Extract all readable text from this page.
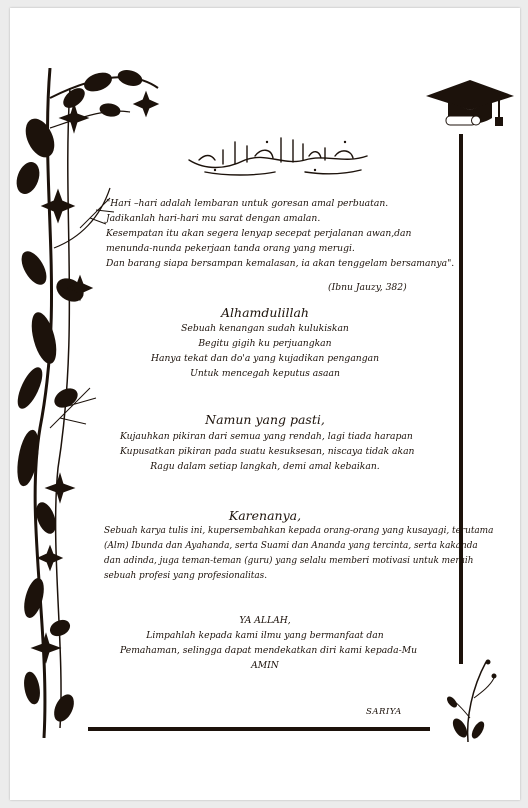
"Hari –hari adalah lembaran untuk goresan amal perbuatan.
Jadikanlah hari-hari mu sarat dengan amalan.
Kesempatan itu akan segera lenyap secepat perjalanan awan,dan
menunda-nunda pekerjaan tanda orang yang merugi.
Dan barang siapa bersampan kemalasan, ia akan tenggelam bersamanya".
(Ibnu Jauzy, 382)
Alhamdulillah
Sebuah kenangan sudah kulukiskan
Begitu gigih ku perjuangkan
Hanya tekat dan do'a yang kujadikan pengangan
Untuk mencegah keputus asaan
Namun yang pasti,
Kujauhkan pikiran dari semua yang rendah, lagi tiada harapan
Kupusatkan pikiran pada suatu kesuksesan, niscaya tidak akan
Ragu dalam setiap langkah, demi amal kebaikan.
Karenanya,
Sebuah karya tulis ini, kupersembahkan kepada orang-orang yang kusayagi, terutama
(Alm) Ibunda dan Ayahanda, serta Suami dan Ananda yang tercinta, serta kakanda
dan adinda, juga teman-teman (guru) yang selalu memberi motivasi untuk meraih
sebuah profesi yang profesionalitas.
YA ALLAH,
Limpahlah kepada kami ilmu yang bermanfaat dan
Pemahaman, selingga dapat mendekatkan diri kami kepada-Mu
AMIN
SARIYA
